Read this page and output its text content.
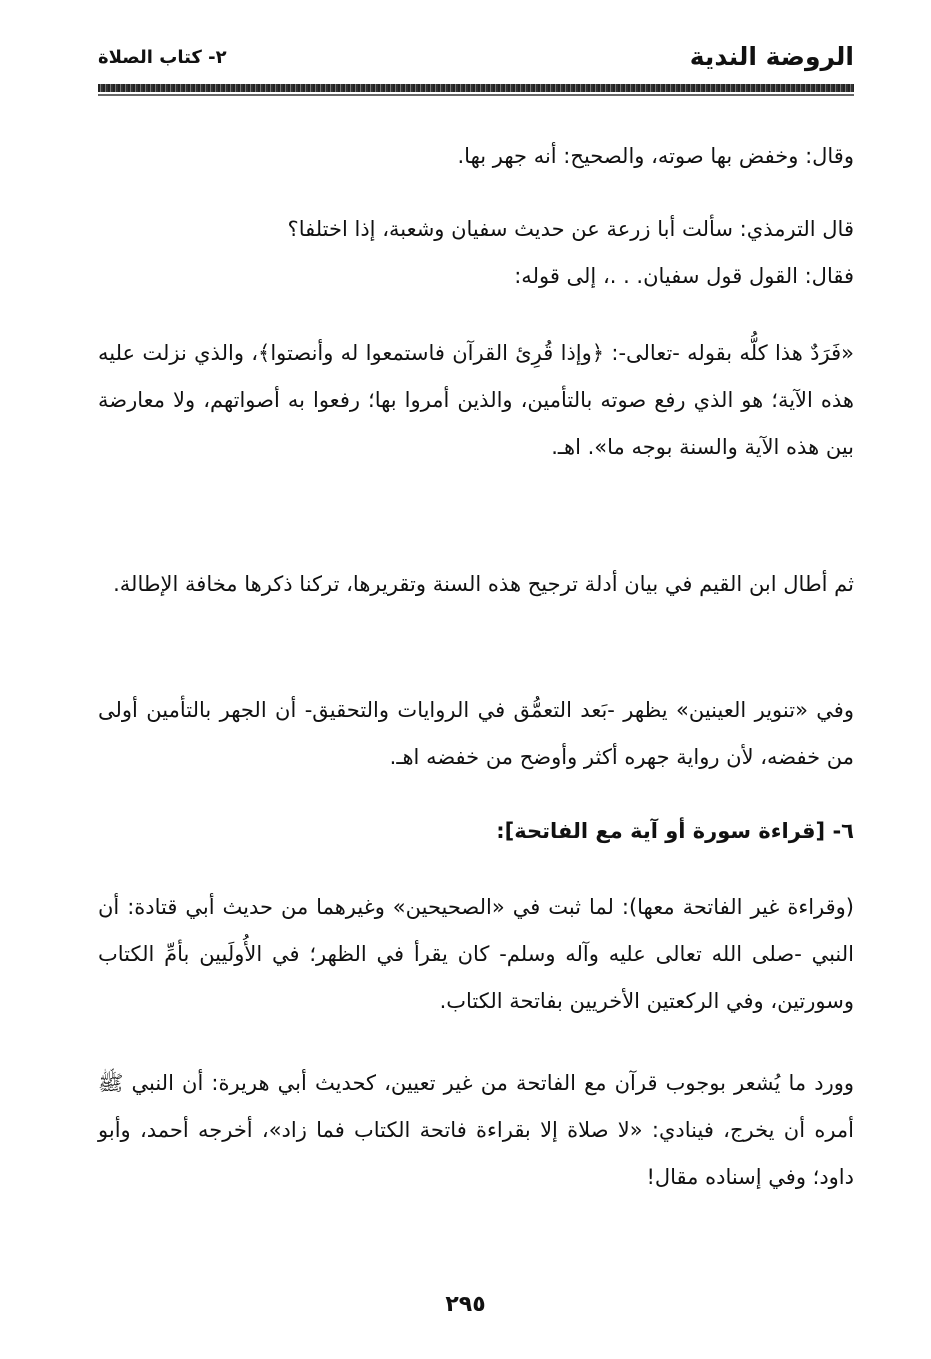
الروضة الندية
٢- كتاب الصلاة

وقال: وخفض بها صوته، والصحيح: أنه جهر بها.

قال الترمذي: سألت أبا زرعة عن حديث سفيان وشعبة، إذا اختلفا؟
فقال: القول قول سفيان. . .، إلى قوله:

«فَرَدٌ هذا كلُّه بقوله -تعالى-: ﴿وإذا قُرِئ القرآن فاستمعوا له وأنصتوا﴾، والذي نزلت عليه هذه الآية؛ هو الذي رفع صوته بالتأمين، والذين أمروا بها؛ رفعوا به أصواتهم، ولا معارضة بين هذه الآية والسنة بوجه ما». اهـ.

ثم أطال ابن القيم في بيان أدلة ترجيح هذه السنة وتقريرها، تركنا ذكرها مخافة الإطالة.

وفي «تنوير العينين» يظهر -بَعد التعمُّق في الروايات والتحقيق- أن الجهر بالتأمين أولى من خفضه، لأن رواية جهره أكثر وأوضح من خفضه اهـ.

٦- [قراءة سورة أو آية مع الفاتحة]:

(وقراءة غير الفاتحة معها): لما ثبت في «الصحيحين» وغيرهما من حديث أبي قتادة: أن النبي -صلى الله تعالى عليه وآله وسلم- كان يقرأ في الظهر؛ في الأُولَيين بأمِّ الكتاب وسورتين، وفي الركعتين الأخريين بفاتحة الكتاب.

وورد ما يُشعر بوجوب قرآن مع الفاتحة من غير تعيين، كحديث أبي هريرة: أن النبي ﷺ أمره أن يخرج، فينادي: «لا صلاة إلا بقراءة فاتحة الكتاب فما زاد»، أخرجه أحمد، وأبو داود؛ وفي إسناده مقال!

٢٩٥
